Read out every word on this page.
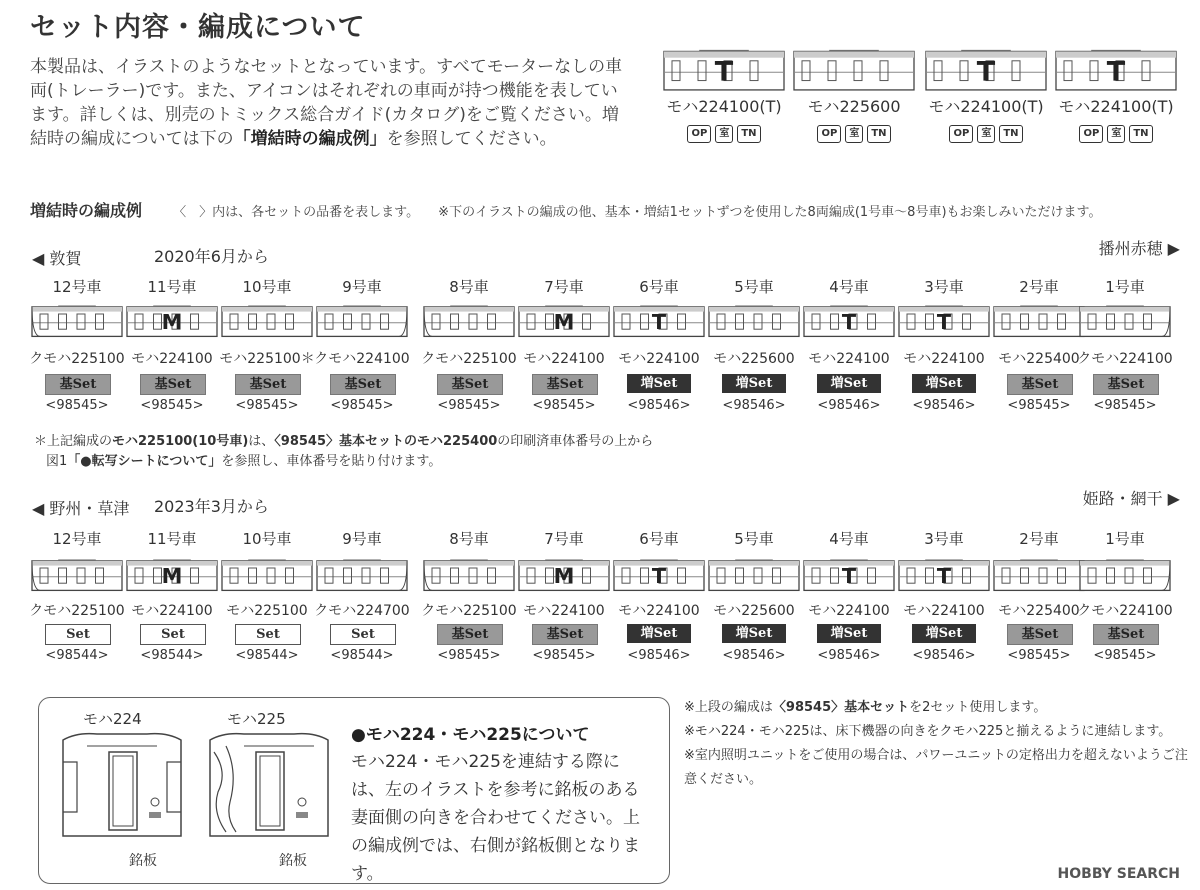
セット内容・編成について
本製品は、イラストのようなセットとなっています。すべてモーターなしの車両(トレーラー)です。また、アイコンはそれぞれの車両が持つ機能を表しています。詳しくは、別売のトミックス総合ガイド(カタログ)をご覧ください。増結時の編成については下の「増結時の編成例」を参照してください。
T
モハ224100(T)
OP	室	TN
モハ225600
OP	室	TN
T
モハ224100(T)
OP	室	TN
T
モハ224100(T)
OP	室	TN
増結時の編成例 〈　〉内は、各セットの品番を表します。 ※下のイラストの編成の他、基本・増結1セットずつを使用した8両編成(1号車〜8号車)もお楽しみいただけます。
◀ 敦賀	2020年6月から	播州赤穂 ▶
12号車
クモハ225100
基Set
<98545>
11号車
M
モハ224100
基Set
<98545>
10号車
モハ225100＊
基Set
<98545>
9号車
クモハ224100
基Set
<98545>
8号車
クモハ225100
基Set
<98545>
7号車
M
モハ224100
基Set
<98545>
6号車
T
モハ224100
増Set
<98546>
5号車
モハ225600
増Set
<98546>
4号車
T
モハ224100
増Set
<98546>
3号車
T
モハ224100
増Set
<98546>
2号車
モハ225400
基Set
<98545>
1号車
クモハ224100
基Set
<98545>
＊上記編成のモハ225100(10号車)は、〈98545〉基本セットのモハ225400の印刷済車体番号の上から
図1「●転写シートについて」を参照し、車体番号を貼り付けます。
◀ 野州・草津 2023年3月から	姫路・網干 ▶
12号車
クモハ225100
Set
<98544>
11号車
M
モハ224100
Set
<98544>
10号車
モハ225100
Set
<98544>
9号車
クモハ224700
Set
<98544>
8号車
クモハ225100
基Set
<98545>
7号車
M
モハ224100
基Set
<98545>
6号車
T
モハ224100
増Set
<98546>
5号車
モハ225600
増Set
<98546>
4号車
T
モハ224100
増Set
<98546>
3号車
T
モハ224100
増Set
<98546>
2号車
モハ225400
基Set
<98545>
1号車
クモハ224100
基Set
<98545>
モハ224	モハ225
銘板	銘板
●モハ224・モハ225について
モハ224・モハ225を連結する際には、左のイラストを参考に銘板のある妻面側の向きを合わせてください。上の編成例では、右側が銘板側となります。
※上段の編成は〈98545〉基本セットを2セット使用します。
※モハ224・モハ225は、床下機器の向きをクモハ225と揃えるように連結します。
※室内照明ユニットをご使用の場合は、パワーユニットの定格出力を超えないようご注意ください。
HOBBY SEARCH
